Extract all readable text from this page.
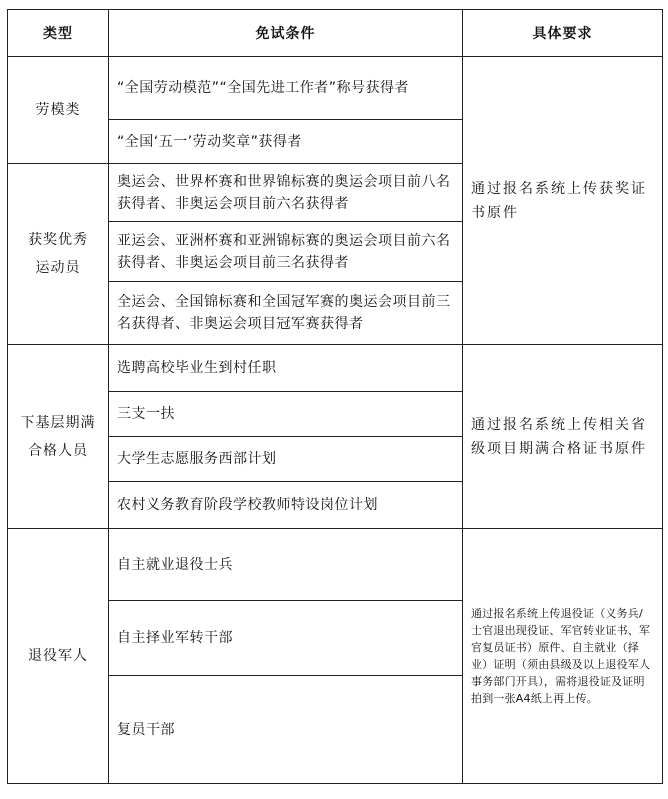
类型	免试条件	具体要求
劳模类	“全国劳动模范”“全国先进工作者”称号获得者	通过报名系统上传获奖证书原件
	“全国‘五一’劳动奖章”获得者	
获奖优秀运动员	奥运会、世界杯赛和世界锦标赛的奥运会项目前八名获得者、非奥运会项目前六名获得者	
	亚运会、亚洲杯赛和亚洲锦标赛的奥运会项目前六名获得者、非奥运会项目前三名获得者	
	全运会、全国锦标赛和全国冠军赛的奥运会项目前三名获得者、非奥运会项目冠军赛获得者	
下基层期满合格人员	选聘高校毕业生到村任职	通过报名系统上传相关省级项目期满合格证书原件
	三支一扶	
	大学生志愿服务西部计划	
	农村义务教育阶段学校教师特设岗位计划	
退役军人	自主就业退役士兵	通过报名系统上传退役证（义务兵/士官退出现役证、军官转业证书、军官复员证书）原件、自主就业（择业）证明（须由县级及以上退役军人事务部门开具），需将退役证及证明拍到一张A4纸上再上传。
	自主择业军转干部	
	复员干部	
